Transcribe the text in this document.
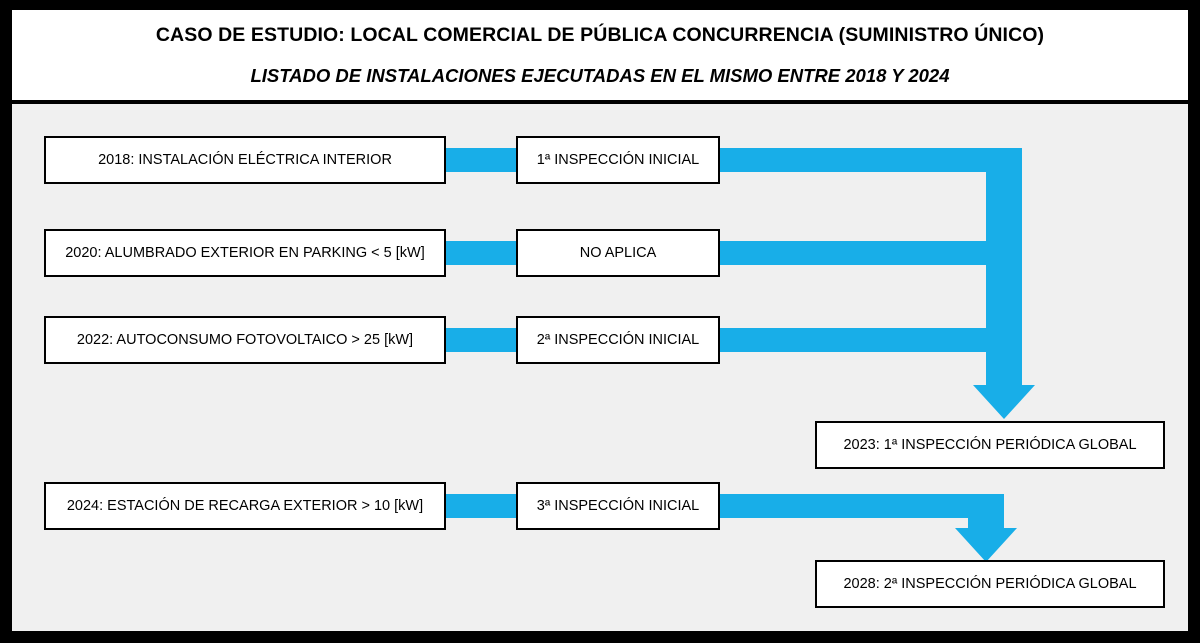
CASO DE ESTUDIO: LOCAL COMERCIAL DE PÚBLICA CONCURRENCIA (SUMINISTRO ÚNICO)
LISTADO DE INSTALACIONES EJECUTADAS EN EL MISMO ENTRE 2018 Y 2024
2018: INSTALACIÓN ELÉCTRICA INTERIOR
2020: ALUMBRADO EXTERIOR EN PARKING < 5 [kW]
2022: AUTOCONSUMO FOTOVOLTAICO > 25 [kW]
2024: ESTACIÓN DE RECARGA EXTERIOR > 10 [kW]
1ª INSPECCIÓN INICIAL
NO APLICA
2ª INSPECCIÓN INICIAL
3ª INSPECCIÓN INICIAL
2023: 1ª INSPECCIÓN PERIÓDICA GLOBAL
2028: 2ª INSPECCIÓN PERIÓDICA GLOBAL
